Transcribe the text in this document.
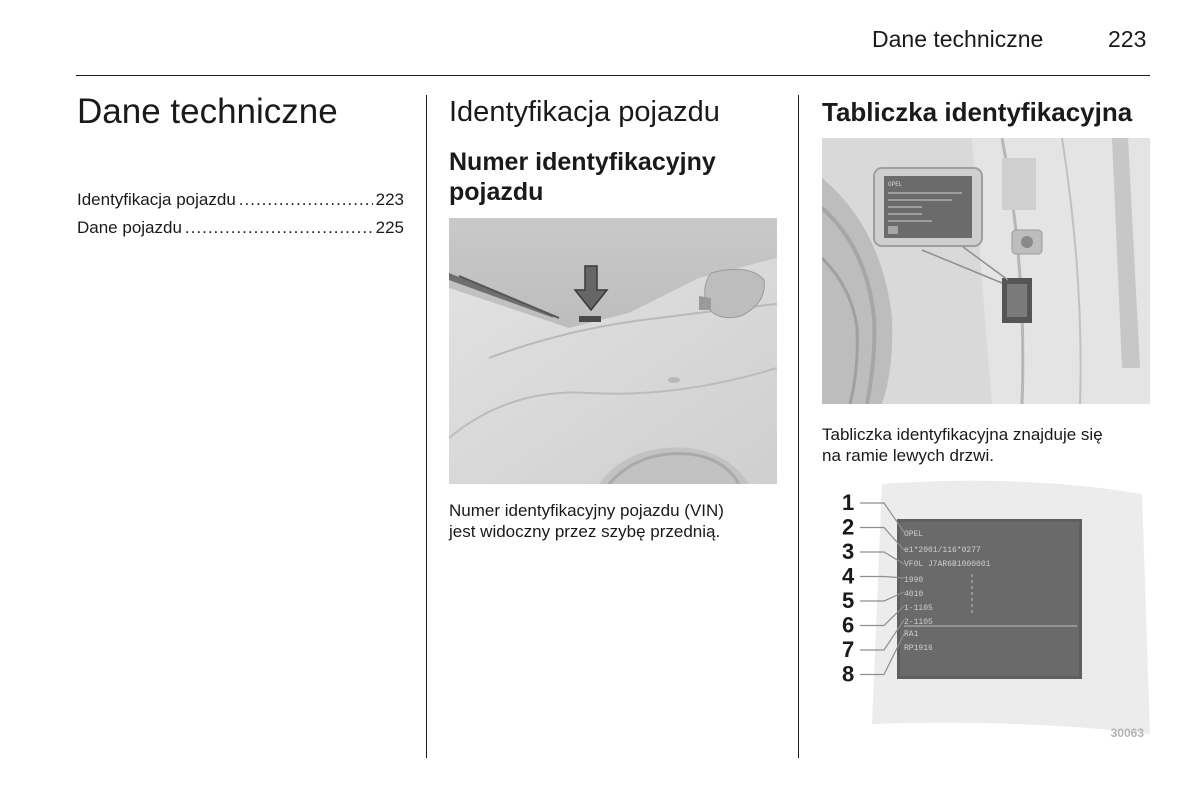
Dane techniczne	223
Dane techniczne
Identyfikacja pojazdu .....	223
Dane pojazdu .....	225
Identyfikacja pojazdu
Numer identyfikacyjny
pojazdu
Numer identyfikacyjny pojazdu (VIN)
jest widoczny przez szybę przednią.
Tabliczka identyfikacyjna
OPEL
Tabliczka identyfikacyjna znajduje się
na ramie lewych drzwi.
OPEL
e1*2001/116*0277
VF0L J7AR6B1000001
1990
4010
1-1105
2-1105
RA1
RP1916
1
2
3
4
5
6
7
8
30063
